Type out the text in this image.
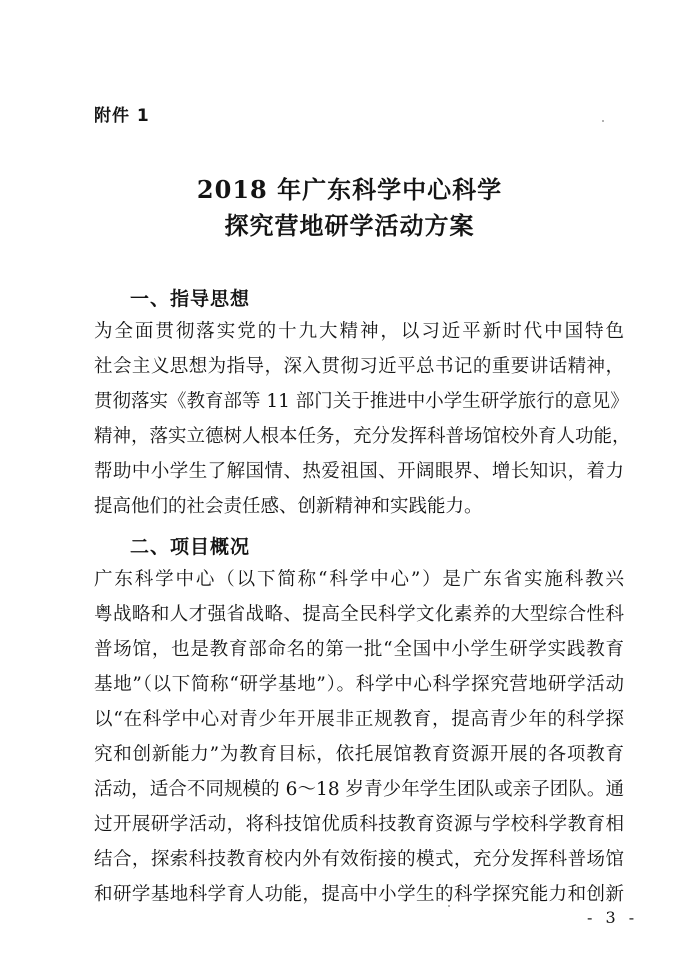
附件 1
2018 年广东科学中心科学
探究营地研学活动方案
一、指导思想
为全面贯彻落实党的十九大精神，以习近平新时代中国特色
社会主义思想为指导，深入贯彻习近平总书记的重要讲话精神，
贯彻落实《教育部等 11 部门关于推进中小学生研学旅行的意见》
精神，落实立德树人根本任务，充分发挥科普场馆校外育人功能，
帮助中小学生了解国情、热爱祖国、开阔眼界、增长知识，着力
提高他们的社会责任感、创新精神和实践能力。
二、项目概况
广东科学中心（以下简称“科学中心”）是广东省实施科教兴
粤战略和人才强省战略、提高全民科学文化素养的大型综合性科
普场馆，也是教育部命名的第一批“全国中小学生研学实践教育
基地”（以下简称“研学基地”）。科学中心科学探究营地研学活动
以“在科学中心对青少年开展非正规教育，提高青少年的科学探
究和创新能力”为教育目标，依托展馆教育资源开展的各项教育
活动，适合不同规模的 6～18 岁青少年学生团队或亲子团队。通
过开展研学活动，将科技馆优质科技教育资源与学校科学教育相
结合，探索科技教育校内外有效衔接的模式，充分发挥科普场馆
和研学基地科学育人功能，提高中小学生的科学探究能力和创新
- 3 -
